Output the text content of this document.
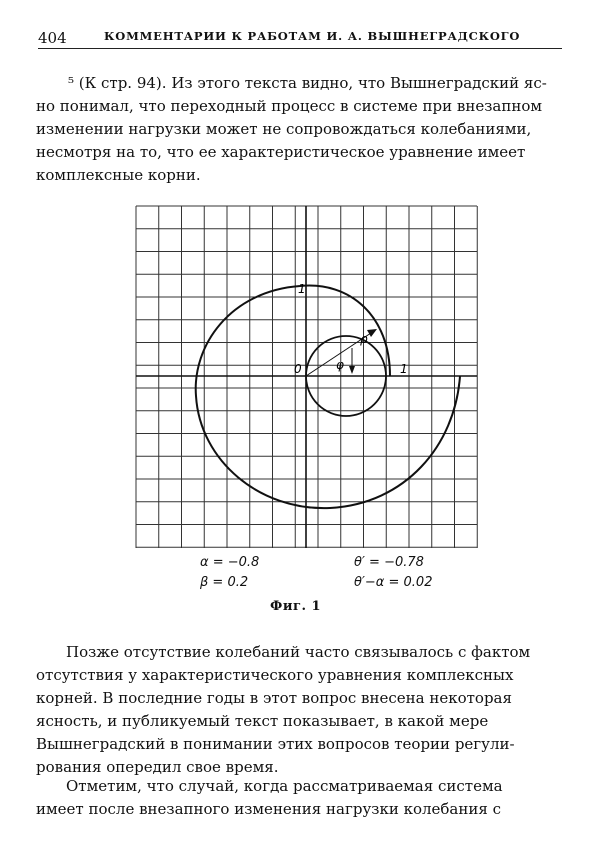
404	КОММЕНТАРИИ К РАБОТАМ И. А. ВЫШНЕГРАДСКОГО
⁵ (К стр. 94). Из этого текста видно, что Вышнеградский яс-
но понимал, что переходный процесс в системе при внезапном
изменении нагрузки может не сопровождаться колебаниями,
несмотря на то, что ее характеристическое уравнение имеет
комплексные корни.
1
0	1
ρ
φ
α = −0.8
β = 0.2
θ′ = −0.78
θ′−α = 0.02
Фиг. 1
Позже отсутствие колебаний часто связывалось с фактом
отсутствия у характеристического уравнения комплексных
корней. В последние годы в этот вопрос внесена некоторая
ясность, и публикуемый текст показывает, в какой мере
Вышнеградский в понимании этих вопросов теории регули-
рования опередил свое время.
Отметим, что случай, когда рассматриваемая система
имеет после внезапного изменения нагрузки колебания с
